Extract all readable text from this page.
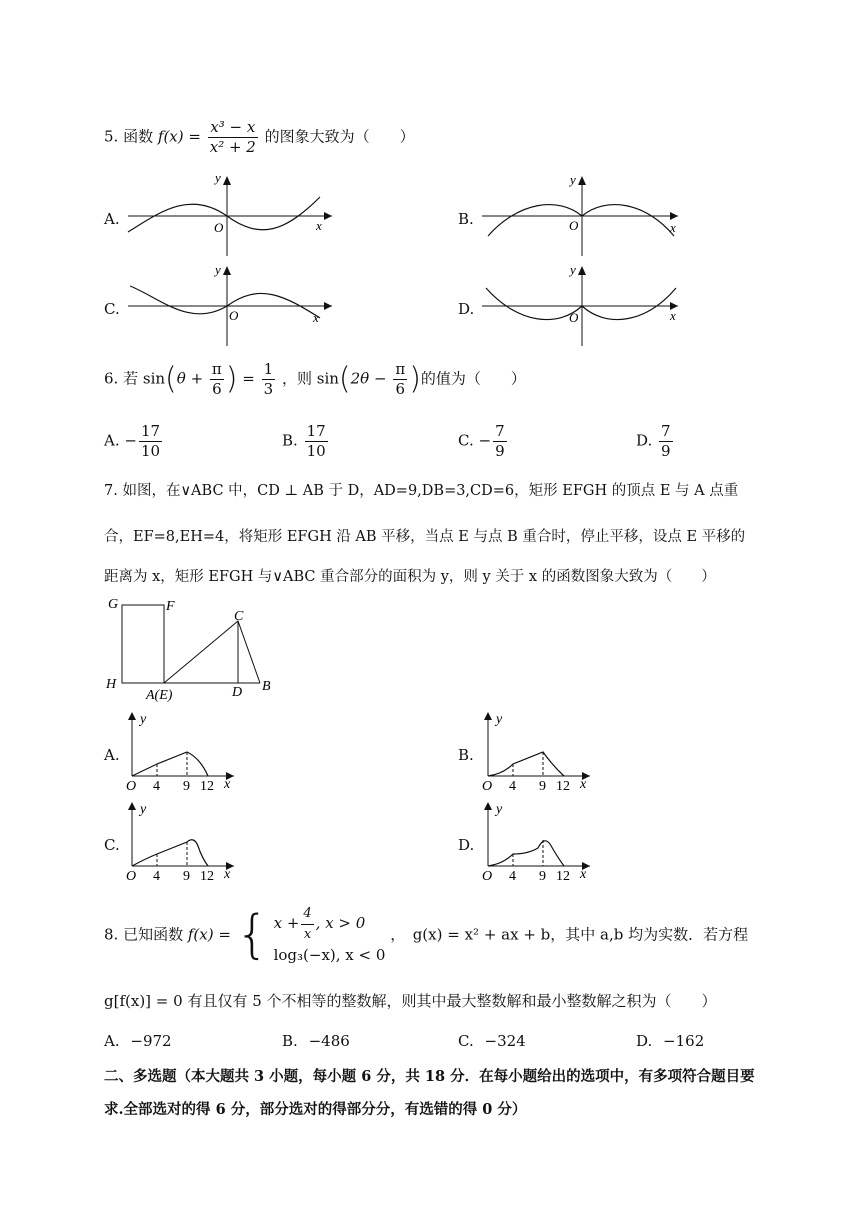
5. 函数 $f(x) = \frac{\text{x³ − x}}{\text{x² + 2}}$ 的图象大致为（　　）
A.
y
O	x	B.
y
O	x
C.
y
O	x	D.
y
O	x
6. 若 $\sin(\theta + \frac{\pi}{6}$ ) = $\frac{1}{3}$ ，则 $\sin(2\theta - \frac{\pi}{6}$ )的值为（　　）
A. − $\frac{17}{10}$	B. $\frac{17}{10}$	C. − $\frac{7}{9}$	D. $\frac{7}{9}$
7. 如图，在∨ABC 中，CD ⊥ AB 于 D，AD=9,DB=3,CD=6，矩形 EFGH 的顶点 E 与 A 点重
合，EF=8,EH=4，将矩形 EFGH 沿 AB 平移，当点 E 与点 B 重合时，停止平移，设点 E 平移的
距离为 x，矩形 EFGH 与∨ABC 重合部分的面积为 y，则 y 关于 x 的函数图象大致为（　　）
G	F
C
H
A(E)	D B
A.
y
O 4 9 12 x
B.
y
O 4 9 12 x
C.
y
O 4 9 12 x
D.
y
O 4 9 12 x
8. 已知函数 f(x) = { $x + \frac{4}{x}$ , x > 0
log₃(−x), x < 0
，　g(x) = x² + ax + b，其中 a,b 均为实数．若方程
g[f(x)] = 0 有且仅有 5 个不相等的整数解，则其中最大整数解和最小整数解之积为（　　）
A. −972	B. −486	C. −324	D. −162
二、多选题（本大题共 3 小题，每小题 6 分，共 18 分．在每小题给出的选项中，有多项符合题目要
求.全部选对的得 6 分，部分选对的得部分分，有选错的得 0 分）
